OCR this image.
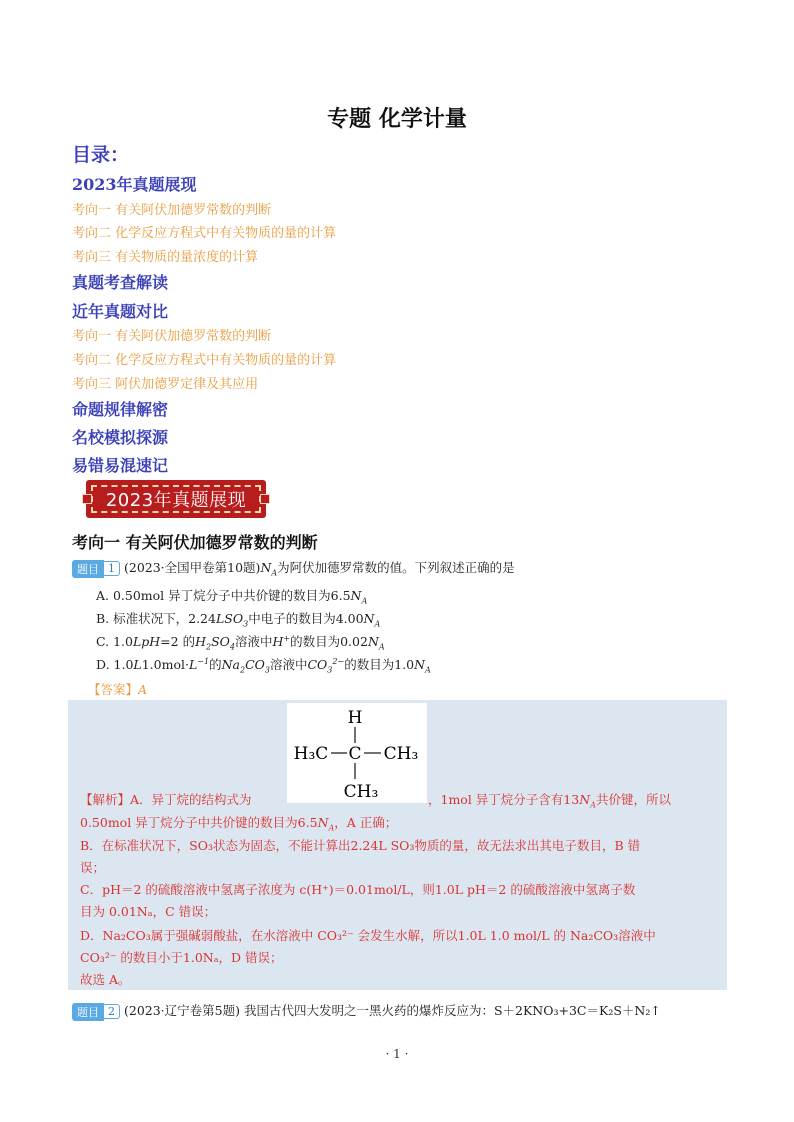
专题 化学计量
目录：
2023年真题展现
考向一 有关阿伏加德罗常数的判断
考向二 化学反应方程式中有关物质的量的计算
考向三 有关物质的量浓度的计算
真题考查解读
近年真题对比
考向一 有关阿伏加德罗常数的判断
考向二 化学反应方程式中有关物质的量的计算
考向三 阿伏加德罗定律及其应用
命题规律解密
名校模拟探源
易错易混速记
2023年真题展现
考向一 有关阿伏加德罗常数的判断
题目 1 (2023·全国甲卷第10题)$N_A$为阿伏加德罗常数的值。下列叙述正确的是
A. 0.50mol 异丁烷分子中共价键的数目为$6.5N_A$
B. 标准状况下，$2.24LSO_3$中电子的数目为$4.00N_A$
C. 1.0LpH=2 的$H_2SO_4$溶液中H+的数目为$0.02N_A$
D. $1.0L1.0mol\cdot L^{-1}$的$Na_2CO_3$溶液中$CO_3^{2-}$的数目为$1.0N_A$
【答案】A
H
C
H₃C	CH₃
CH₃
【解析】A．异丁烷的结构式为	，1mol 异丁烷分子含有$13N_A$共价键，所以
0.50mol 异丁烷分子中共价键的数目为$6.5N_A$，A 正确；
B．在标准状况下，SO₃状态为固态，不能计算出2.24L SO₃物质的量，故无法求出其电子数目，B 错
误；
C．pH＝2 的硫酸溶液中氢离子浓度为 c(H⁺)＝0.01mol/L，则1.0L pH＝2 的硫酸溶液中氢离子数
目为 0.01Nₐ，C 错误；
D．Na₂CO₃属于强碱弱酸盐，在水溶液中 CO₃²⁻ 会发生水解，所以1.0L 1.0 mol/L 的 Na₂CO₃溶液中
CO₃²⁻ 的数目小于1.0Nₐ，D 错误；
故选 A。
题目 2 (2023·辽宁卷第5题) 我国古代四大发明之一黑火药的爆炸反应为：S＋2KNO₃+3C＝K₂S＋N₂↑
· 1 ·
